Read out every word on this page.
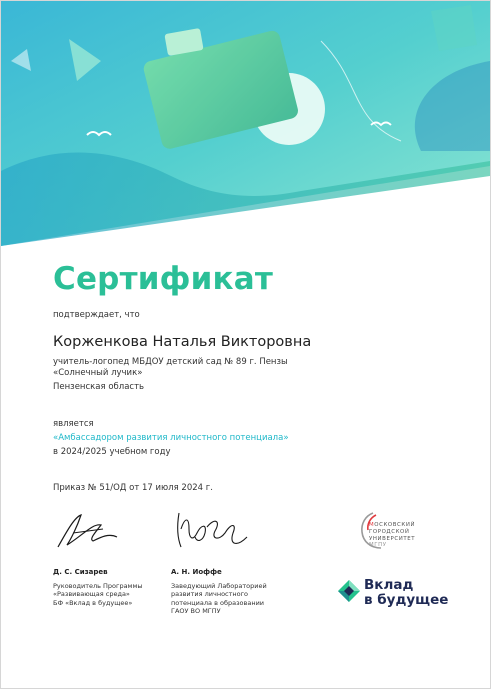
Сертификат
подтверждает, что
Корженкова Наталья Викторовна
учитель-логопед МБДОУ детский сад № 89 г. Пензы
«Солнечный лучик»
Пензенская область
является
«Амбассадором развития личностного потенциала»
в 2024/2025 учебном году
Приказ № 51/ОД от 17 июля 2024 г.
Д. С. Сизарев
Руководитель Программы
«Развивающая среда»
БФ «Вклад в будущее»
А. Н. Иоффе
Заведующий Лабораторией
развития личностного
потенциала в образовании
ГАОУ ВО МГПУ
МОСКОВСКИЙ
ГОРОДСКОЙ
УНИВЕРСИТЕТ
МГПУ
Вклад
в будущее
